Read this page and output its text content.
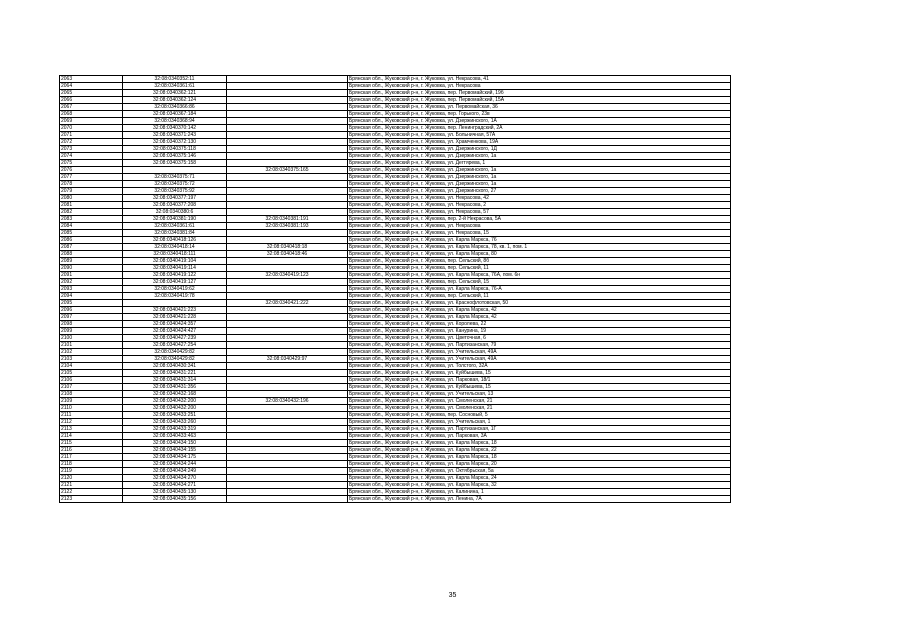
2063	32:08:0340352:11		Брянская обл., Жуковский р-н, г. Жуковка, ул. Некрасова, 41
2064	32:08:0340361:61		Брянская обл., Жуковский р-н, г. Жуковка, ул. Некрасова
2065	32:08:0340362:121		Брянская обл., Жуковский р-н, г. Жуковка, пер. Первомайский, 19б
2066	32:08:0340362:124		Брянская обл., Жуковский р-н, г. Жуковка, пер. Первомайский, 15А
2067	32:08:0340366:86		Брянская обл., Жуковский р-н, г. Жуковка, ул. Первомайская, 36
2068	32:08:0340367:184		Брянская обл., Жуковский р-н, г. Жуковка, пер. Горького, 23в
2069	32:08:0340368:94		Брянская обл., Жуковский р-н, г. Жуковка, ул. Дзержинского, 1А
2070	32:08:0340370:142		Брянская обл., Жуковский р-н, г. Жуковка, пер. Ленинградский, 2А
2071	32:08:0340371:243		Брянская обл., Жуковский р-н, г. Жуковка, ул. Больничная, 57А
2072	32:08:0340372:130		Брянская обл., Жуковский р-н, г. Жуковка, ул. Храмченкова, 19А
2073	32:08:0340375:118		Брянская обл., Жуковский р-н, г. Жуковка, ул. Дзержинского, 1Д
2074	32:08:0340375:146		Брянская обл., Жуковский р-н, г. Жуковка, ул. Дзержинского, 1а
2075	32:08:0340375:158		Брянская обл., Жуковский р-н, г. Жуковка, ул. Дегтярева, 1
2076		32:08:0340375:165	Брянская обл., Жуковский р-н, г. Жуковка, ул. Дзержинского, 1а
2077	32:08:0340375:71		Брянская обл., Жуковский р-н, г. Жуковка, ул. Дзержинского, 1а
2078	32:08:0340375:72		Брянская обл., Жуковский р-н, г. Жуковка, ул. Дзержинского, 1а
2079	32:08:0340375:92		Брянская обл., Жуковский р-н, г. Жуковка, ул. Дзержинского, 27
2080	32:08:0340377:197		Брянская обл., Жуковский р-н, г. Жуковка, ул. Некрасова, 42
2081	32:08:0340377:208		Брянская обл., Жуковский р-н, г. Жуковка, ул. Некрасова, 2
2082	32:08:0340380:6		Брянская обл., Жуковский р-н, г. Жуковка, ул. Некрасова, 57
2083	32:08:0340381:190	32:08:0340381:191	Брянская обл., Жуковский р-н, г. Жуковка, пер. 2-й Некрасова, 5А
2084	32:08:0340361:61	32:08:0340381:193	Брянская обл., Жуковский р-н, г. Жуковка, ул. Некрасова
2085	32:08:0340381:84		Брянская обл., Жуковский р-н, г. Жуковка, ул. Некрасова, 15
2086	32:08:0340418:126		Брянская обл., Жуковский р-н, г. Жуковка, ул. Карла Маркса, 76
2087	32:08:0340418:14	32:08:0340418:18	Брянская обл., Жуковский р-н, г. Жуковка, ул. Карла Маркса, 78, кв. 1, пом. 1
2088	32:08:0340418:111	32:08:0340418:46	Брянская обл., Жуковский р-н, г. Жуковка, ул. Карла Маркса, 80
2089	32:08:0340419:104		Брянская обл., Жуковский р-н, г. Жуковка, пер. Сельский, 8б
2090	32:08:0340419:114		Брянская обл., Жуковский р-н, г. Жуковка, пер. Сельский, 11
2091	32:08:0340419:122	32:08:0340419:123	Брянская обл., Жуковский р-н, г. Жуковка, ул. Карла Маркса, 76А, пом. 6н
2092	32:08:0340419:127		Брянская обл., Жуковский р-н, г. Жуковка, пер. Сельский, 15
2093	32:08:0340419:62		Брянская обл., Жуковский р-н, г. Жуковка, ул. Карла Маркса, 76-А
2094	32:08:0340419:78		Брянская обл., Жуковский р-н, г. Жуковка, пер. Сельский, 11
2095		32:08:0340421:222	Брянская обл., Жуковский р-н, г. Жуковка, ул. Краснофлотовская, 50
2096	32:08:0340421:223		Брянская обл., Жуковский р-н, г. Жуковка, ул. Карла Маркса, 42
2097	32:08:0340421:228		Брянская обл., Жуковский р-н, г. Жуковка, ул. Карла Маркса, 42
2098	32:08:0340424:357		Брянская обл., Жуковский р-н, г. Жуковка, ул. Королева, 22
2099	32:08:0340424:427		Брянская обл., Жуковский р-н, г. Жуковка, ул. Канурина, 19
2100	32:08:0340427:239		Брянская обл., Жуковский р-н, г. Жуковка, ул. Цветочная, 6
2101	32:08:0340427:254		Брянская обл., Жуковский р-н, г. Жуковка, ул. Партизанская, 79
2102	32:08:0340429:82		Брянская обл., Жуковский р-н, г. Жуковка, ул. Учительская, 49А
2103	32:08:0340429:82	32:08:0340429:97	Брянская обл., Жуковский р-н, г. Жуковка, ул. Учительская, 49А
2104	32:08:0340430:341		Брянская обл., Жуковский р-н, г. Жуковка, ул. Толстого, 32А
2105	32:08:0340431:221		Брянская обл., Жуковский р-н, г. Жуковка, ул. Куйбышева, 15
2106	32:08:0340431:314		Брянская обл., Жуковский р-н, г. Жуковка, ул. Парковая, 18/1
2107	32:08:0340431:356		Брянская обл., Жуковский р-н, г. Жуковка, ул. Куйбышева, 15
2108	32:08:0340432:168		Брянская обл., Жуковский р-н, г. Жуковка, ул. Учительская, 13
2109	32:08:0340432:200	32:08:0340432:196	Брянская обл., Жуковский р-н, г. Жуковка, ул. Смоленская, 21
2110	32:08:0340432:200		Брянская обл., Жуковский р-н, г. Жуковка, ул. Смоленская, 21
2111	32:08:0340433:251		Брянская обл., Жуковский р-н, г. Жуковка, пер. Сосновый, 5
2112	32:08:0340433:260		Брянская обл., Жуковский р-н, г. Жуковка, ул. Учительская, 1
2113	32:08:0340433:319		Брянская обл., Жуковский р-н, г. Жуковка, ул. Партизанская, 1Г
2114	32:08:0340433:463		Брянская обл., Жуковский р-н, г. Жуковка, ул. Парковая, 3А
2115	32:08:0340434:150		Брянская обл., Жуковский р-н, г. Жуковка, ул. Карла Маркса, 18
2116	32:08:0340434:155		Брянская обл., Жуковский р-н, г. Жуковка, ул. Карла Маркса, 22
2117	32:08:0340434:175		Брянская обл., Жуковский р-н, г. Жуковка, ул. Карла Маркса, 18
2118	32:08:0340434:244		Брянская обл., Жуковский р-н, г. Жуковка, ул. Карла Маркса, 20
2119	32:08:0340434:249		Брянская обл., Жуковский р-н, г. Жуковка, ул. Октябрьская, 5а
2120	32:08:0340434:270		Брянская обл., Жуковский р-н, г. Жуковка, ул. Карла Маркса, 24
2121	32:08:0340434:271		Брянская обл., Жуковский р-н, г. Жуковка, ул. Карла Маркса, 32
2122	32:08:0340435:130		Брянская обл., Жуковский р-н, г. Жуковка, ул. Калинина, 1
2123	32:08:0340435:156		Брянская обл., Жуковский р-н, г. Жуковка, ул. Ленина, 7А
35
